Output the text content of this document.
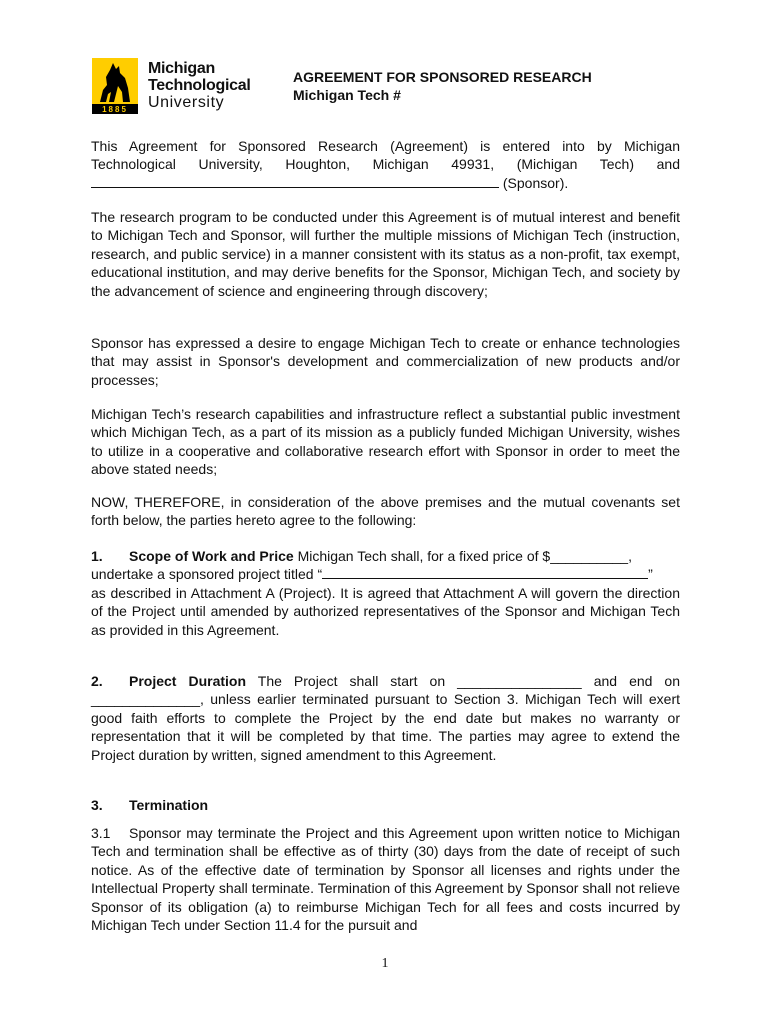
1885
Michigan
Technological
University
AGREEMENT FOR SPONSORED RESEARCH
Michigan Tech #
This Agreement for Sponsored Research (Agreement) is entered into by Michigan
Technological University, Houghton, Michigan 49931, (Michigan Tech) and
(Sponsor).
The research program to be conducted under this Agreement is of mutual interest and benefit to Michigan Tech and Sponsor, will further the multiple missions of Michigan Tech (instruction, research, and public service) in a manner consistent with its status as a non-profit, tax exempt, educational institution, and may derive benefits for the Sponsor, Michigan Tech, and society by the advancement of science and engineering through discovery;
Sponsor has expressed a desire to engage Michigan Tech to create or enhance technologies that may assist in Sponsor's development and commercialization of new products and/or processes;
Michigan Tech’s research capabilities and infrastructure reflect a substantial public investment which Michigan Tech, as a part of its mission as a publicly funded Michigan University, wishes to utilize in a cooperative and collaborative research effort with Sponsor in order to meet the above stated needs;
NOW, THEREFORE, in consideration of the above premises and the mutual covenants set forth below, the parties hereto agree to the following:
1. Scope of Work and Price Michigan Tech shall, for a fixed price of $__________,
undertake a sponsored project titled “	”
as described in Attachment A (Project). It is agreed that Attachment A will govern the direction of the Project until amended by authorized representatives of the Sponsor and Michigan Tech as provided in this Agreement.
2. Project Duration The Project shall start on ________________ and end on
______________, unless earlier terminated pursuant to Section 3. Michigan Tech will exert good faith efforts to complete the Project by the end date but makes no warranty or representation that it will be completed by that time. The parties may agree to extend the Project duration by written, signed amendment to this Agreement.
3. Termination
3.1 Sponsor may terminate the Project and this Agreement upon written notice to Michigan Tech and termination shall be effective as of thirty (30) days from the date of receipt of such notice. As of the effective date of termination by Sponsor all licenses and rights under the Intellectual Property shall terminate. Termination of this Agreement by Sponsor shall not relieve Sponsor of its obligation (a) to reimburse Michigan Tech for all fees and costs incurred by Michigan Tech under Section 11.4 for the pursuit and
1
